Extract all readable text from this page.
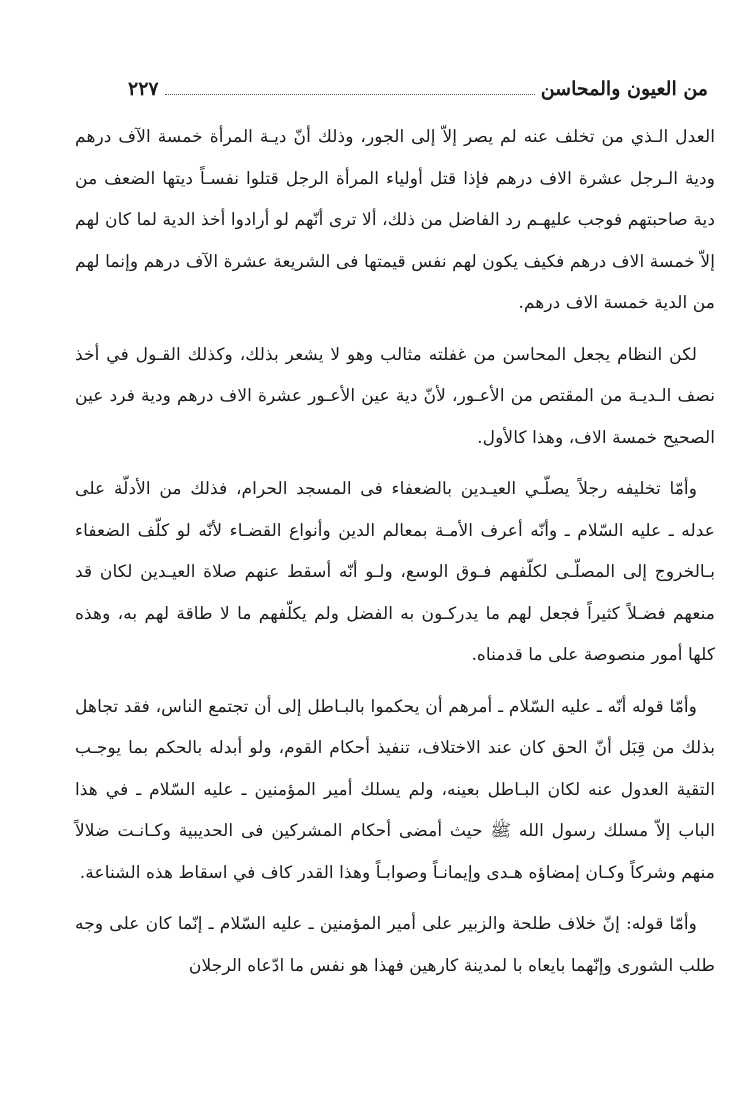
من العيون والمحاسن
٢٢٧

العدل الـذي من تخلف عنه لم يصر إلاّ إلى الجور، وذلك أنّ ديـة المرأة خمسة الآف درهم ودية الـرجل عشرة الاف درهم فإذا قتل أولياء المرأة الرجل قتلوا نفسـاً ديتها الضعف من دية صاحبتهم فوجب عليهـم رد الفاضل من ذلك، ألا ترى أنّهم لو أرادوا أخذ الدية لما كان لهم إلاّ خمسة الاف درهم فكيف يكون لهم نفس قيمتها فى الشريعة عشرة الآف درهم وإنما لهم من الدية خمسة الاف درهم.

لكن النظام يجعل المحاسن من غفلته مثالب وهو لا يشعر بذلك، وكذلك القـول في أخذ نصف الـديـة من المقتص من الأعـور، لأنّ دية عين الأعـور عشرة الاف درهم ودية فرد عين الصحيح خمسة الاف، وهذا كالأول.

وأمّا تخليفه رجلاً يصلّـي العيـدين بالضعفاء فى المسجد الحرام، فذلك من الأدلّة على عدله ـ عليه السّلام ـ وأنّه أعرف الأمـة بمعالم الدين وأنواع القضـاء لأنّه لو كلّف الضعفاء بـالخروج إلى المصلّـى لكلّفهم فـوق الوسع، ولـو أنّه أسقط عنهم صلاة العيـدين لكان قد منعهم فضـلاً كثيراً فجعل لهم ما يدركـون به الفضل ولم يكلّفهم ما لا طاقة لهم به، وهذه كلها أمور منصوصة على ما قدمناه.

وأمّا قوله أنّه ـ عليه السّلام ـ أمرهم أن يحكموا بالبـاطل إلى أن تجتمع الناس، فقد تجاهل بذلك من قِبَل أنّ الحق كان عند الاختلاف، تنفيذ أحكام القوم، ولو أبدله بالحكم بما يوجـب التقية العدول عنه لكان البـاطل بعينه، ولم يسلك أمير المؤمنين ـ عليه السّلام ـ في هذا الباب إلاّ مسلك رسول الله ﷺ حيث أمضى أحكام المشركين فى الحديبية وكـانـت ضلالاً منهم وشركاً وكـان إمضاؤه هـدى وإيمانـاً وصوابـاً وهذا القدر كاف في اسقاط هذه الشناعة.

وأمّا قوله: إنّ خلاف طلحة والزبير على أمير المؤمنين ـ عليه السّلام ـ إنّما كان على وجه طلب الشورى وإنّهما بايعاه با لمدينة كارهين فهذا هو نفس ما ادّعاه الرجلان
